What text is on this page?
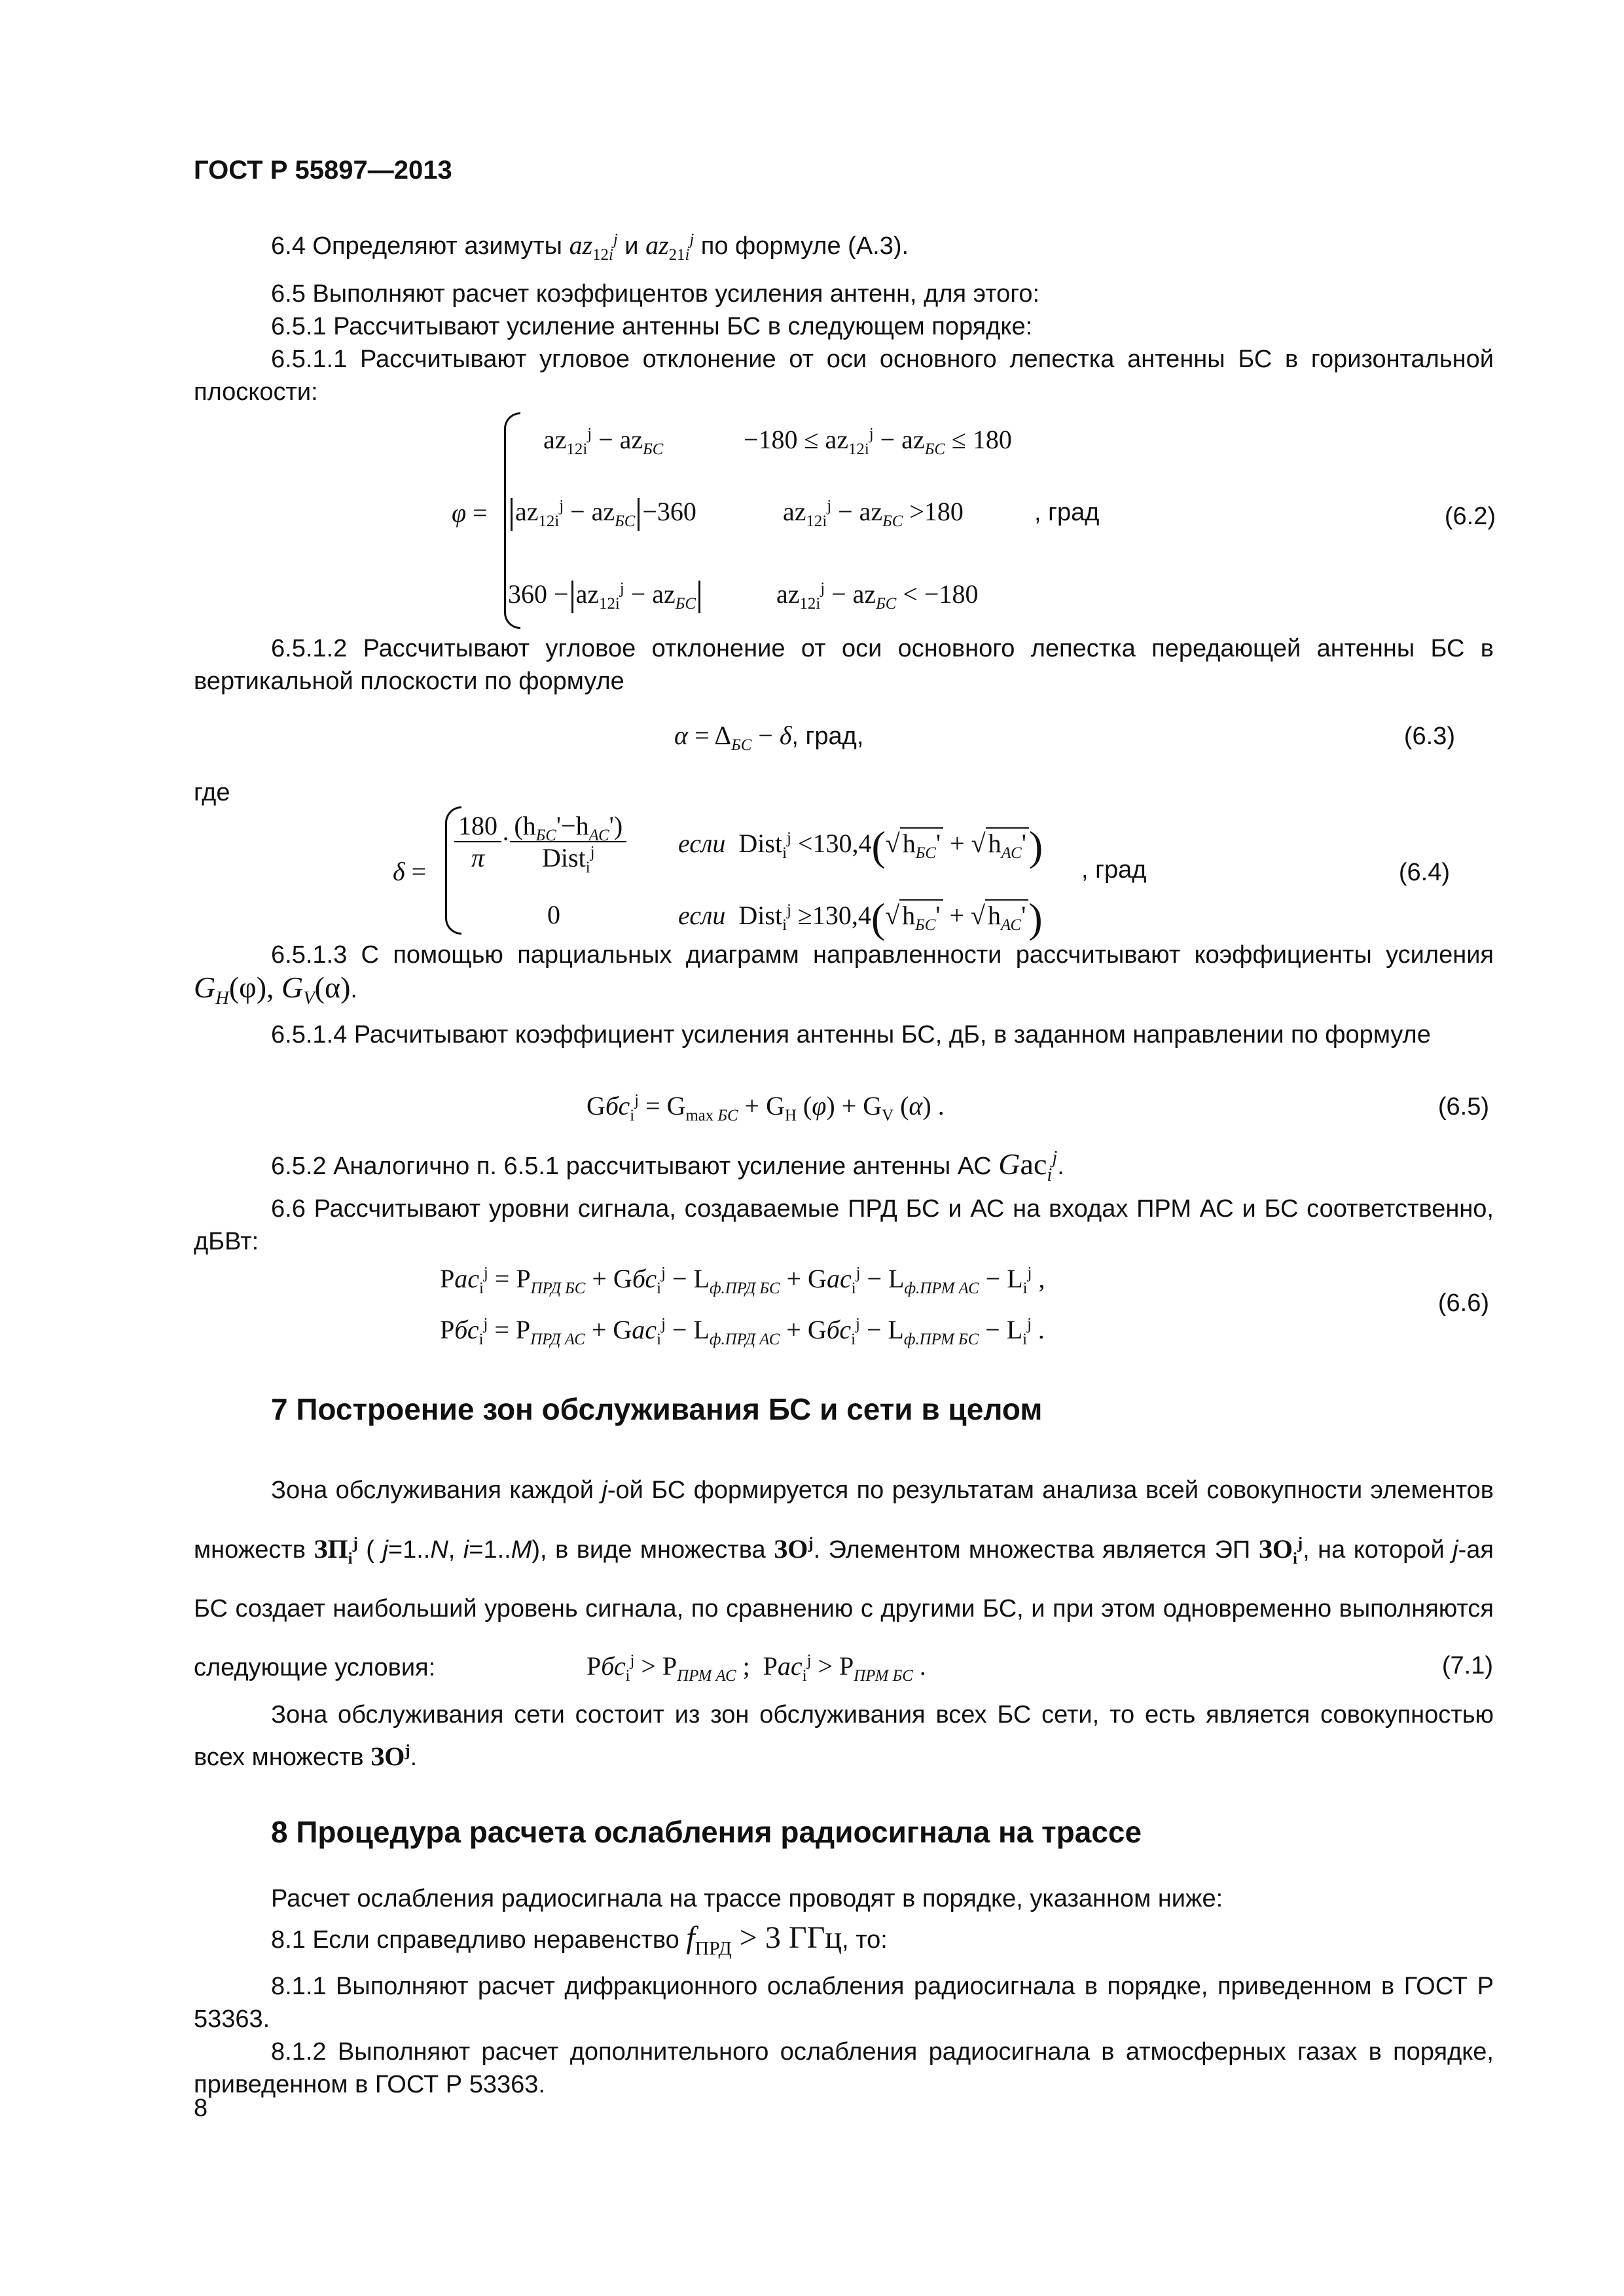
ГОСТ Р 55897—2013
6.4 Определяют азимуты $az_{12i}^j$ и $az_{21i}^j$ по формуле (А.3).
6.5 Выполняют расчет коэффицентов усиления антенн, для этого:
6.5.1 Рассчитывают усиление антенны БС в следующем порядке:
6.5.1.1 Рассчитывают угловое отклонение от оси основного лепестка антенны БС в горизонтальной плоскости:
φ =
$az_{12i}^j - az_{БС}$	$-180 \le az_{12i}^j - az_{БС} \le 180$
$az_{12i}^j - az_{БС} -360$	$az_{12i}^j - az_{БС} >180$
$360 - az_{12i}^j - az_{БС}$	$az_{12i}^j - az_{БС} < -180$
, град	(6.2)
6.5.1.2 Рассчитывают угловое отклонение от оси основного лепестка передающей антенны БС в вертикальной плоскости по формуле
$\alpha = \Delta_{БС} - \delta$, град,	(6.3)
где
$\delta = \frac{180}{\pi} \cdot \frac{(h_{БС}'-h_{АС}')}{Dist_i^j}$ если  Dist$_i^j$ <130,4(√ $h_{БС}'$ + √ $h_{АС}'$)
0	если  Dist$_i^j$ ≥130,4(√ $h_{БС}'$ + √ $h_{АС}'$)
, град	(6.4)
6.5.1.3 С помощью парциальных диаграмм направленности рассчитывают коэффициенты усиления $G_H(\varphi)$, $G_V(\alpha)$.
6.5.1.4 Расчитывают коэффициент усиления антенны БС, дБ, в заданном направлении по формуле
$Gбс_i^j = G_{max БС} + G_H$ $(\varphi) + G_V$ (α) .	(6.5)
6.5.2 Аналогично п. 6.5.1 рассчитывают усиление антенны АС Gac$_i^j$.
6.6 Рассчитывают уровни сигнала, создаваемые ПРД БС и АС на входах ПРМ АС и БС соответственно, дБВт:
$Pac_i^j = P_{ПРД БС} + Gбс_i^j - L_{ф.ПРД БС} + Gac_i^j - L_{ф.ПРМ АС} - L_i^j$ ,
$Pбс_i^j = P_{ПРД АС} + Gac_i^j - L_{ф.ПРД АС} + Gбс_i^j - L_{ф.ПРМ БС} - L_i^j$ .
(6.6)
7 Построение зон обслуживания БС и сети в целом
Зона обслуживания каждой j-ой БС формируется по результатам анализа всей совокупности элементов множеств $ЗП_i^j$ ( j=1..N, i=1..M), в виде множества $ЗО^j$. Элементом множества является ЭП $ЗО_i^j$, на которой j-ая БС создает наибольший уровень сигнала, по сравнению с другими БС, и при этом одновременно выполняются следующие условия:	$Pбс_i^j > P_{ПРМ АС}$ ;  $Pас_i^j > P_{ПРМ БС}$ .	(7.1)
Зона обслуживания сети состоит из зон обслуживания всех БС сети, то есть является совокупностью всех множеств $ЗО^j$.
8 Процедура расчета ослабления радиосигнала на трассе
Расчет ослабления радиосигнала на трассе проводят в порядке, указанном ниже:
8.1 Если справедливо неравенство $f_{ПРД} > 3$ ГГц, то:
8.1.1 Выполняют расчет дифракционного ослабления радиосигнала в порядке, приведенном в ГОСТ Р 53363.
8.1.2 Выполняют расчет дополнительного ослабления радиосигнала в атмосферных газах в порядке, приведенном в ГОСТ Р 53363.
8
